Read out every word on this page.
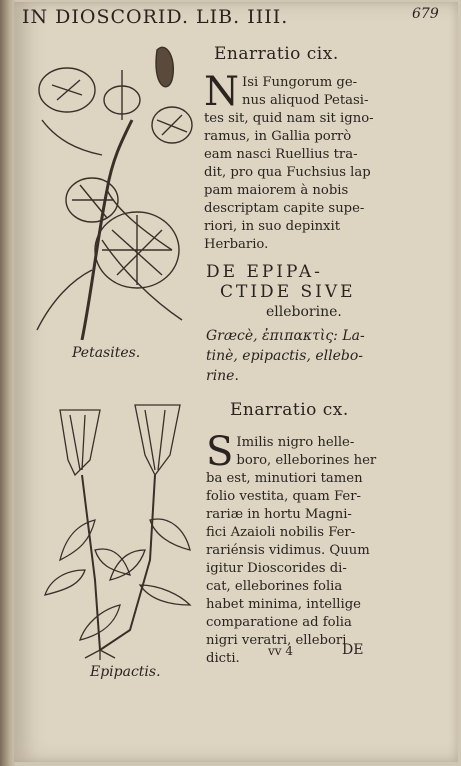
IN DIOSCORID. LIB. IIII.	679
Petasites.
Enarratio cix.
N Isi Fungorum ge-
nus aliquod Petasi-
tes sit, quid nam sit igno-
ramus, in Gallia porrò
eam nasci Ruellius tra-
dit, pro qua Fuchsius lap
pam maiorem à nobis
descriptam capite supe-
riori, in suo depinxit
Herbario.
DE EPIPA-
CTIDE SIVE
elleborine.
Græcè, ἐπιπακτὶς: La-
tinè, epipactis, ellebo-
rine.
Epipactis.
Enarratio cx.
S Imilis nigro helle-
boro, elleborines her
ba est, minutiori tamen
folio vestita, quam Fer-
rariæ in hortu Magni-
fici Azaioli nobilis Fer-
rariénsis vidimus. Quum
igitur Dioscorides di-
cat, elleborines folia
habet minima, intellige
comparatione ad folia
nigri veratri, ellebori
dicti.	vv 4	DE
